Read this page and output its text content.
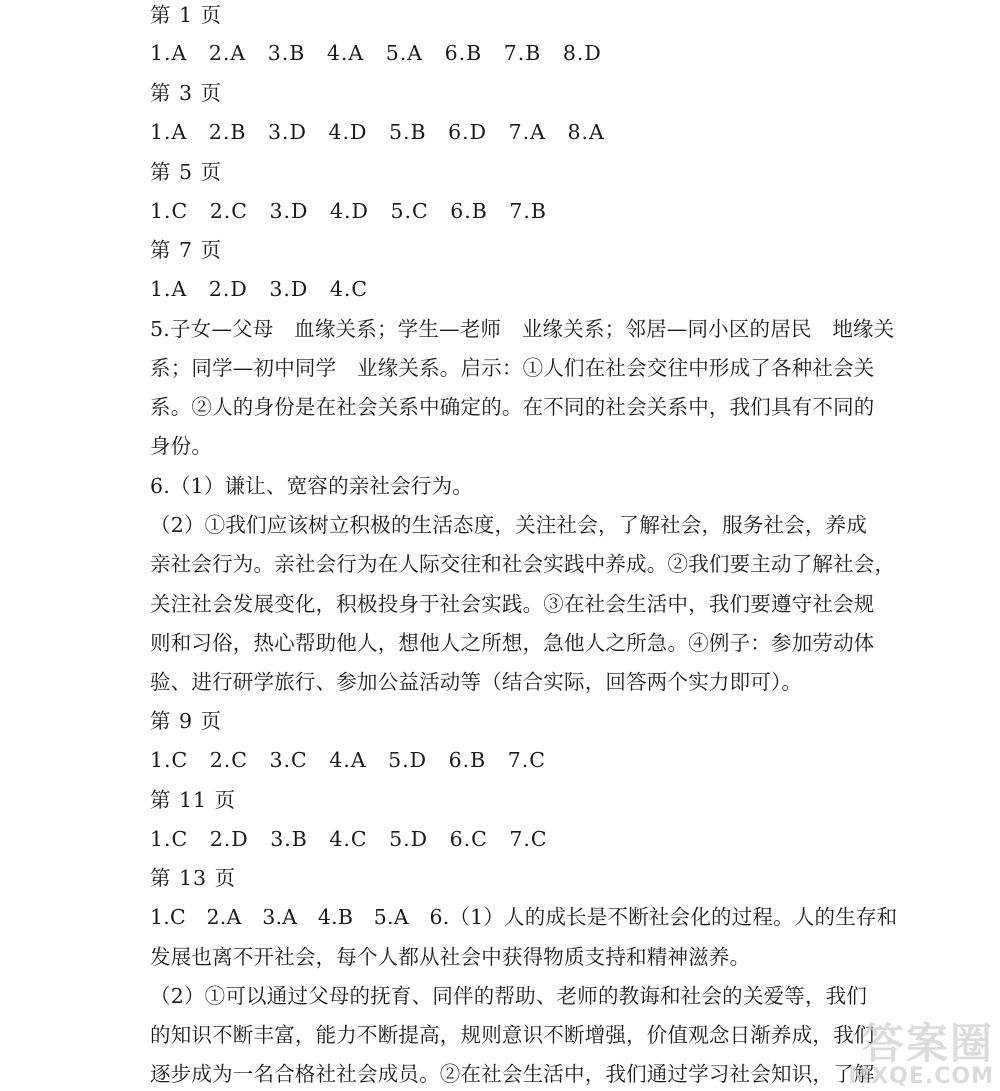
第 1 页
1.A　2.A　3.B　4.A　5.A　6.B　7.B　8.D
第 3 页
1.A　2.B　3.D　4.D　5.B　6.D　7.A　8.A
第 5 页
1.C　2.C　3.D　4.D　5.C　6.B　7.B
第 7 页
1.A　2.D　3.D　4.C
5.子女—父母　血缘关系；学生—老师　业缘关系；邻居—同小区的居民　地缘关
系；同学—初中同学　业缘关系。启示：①人们在社会交往中形成了各种社会关
系。②人的身份是在社会关系中确定的。在不同的社会关系中，我们具有不同的
身份。
6.（1）谦让、宽容的亲社会行为。
（2）①我们应该树立积极的生活态度，关注社会，了解社会，服务社会，养成
亲社会行为。亲社会行为在人际交往和社会实践中养成。②我们要主动了解社会，
关注社会发展变化，积极投身于社会实践。③在社会生活中，我们要遵守社会规
则和习俗，热心帮助他人，想他人之所想，急他人之所急。④例子：参加劳动体
验、进行研学旅行、参加公益活动等（结合实际，回答两个实力即可）。
第 9 页
1.C　2.C　3.C　4.A　5.D　6.B　7.C
第 11 页
1.C　2.D　3.B　4.C　5.D　6.C　7.C
第 13 页
1.C　2.A　3.A　4.B　5.A　6.（1）人的成长是不断社会化的过程。人的生存和
发展也离不开社会，每个人都从社会中获得物质支持和精神滋养。
（2）①可以通过父母的抚育、同伴的帮助、老师的教诲和社会的关爱等，我们
的知识不断丰富，能力不断提高，规则意识不断增强，价值观念日渐养成，我们
逐步成为一名合格社社会成员。②在社会生活中，我们通过学习社会知识，了解
答案圈
MXQE.COM
